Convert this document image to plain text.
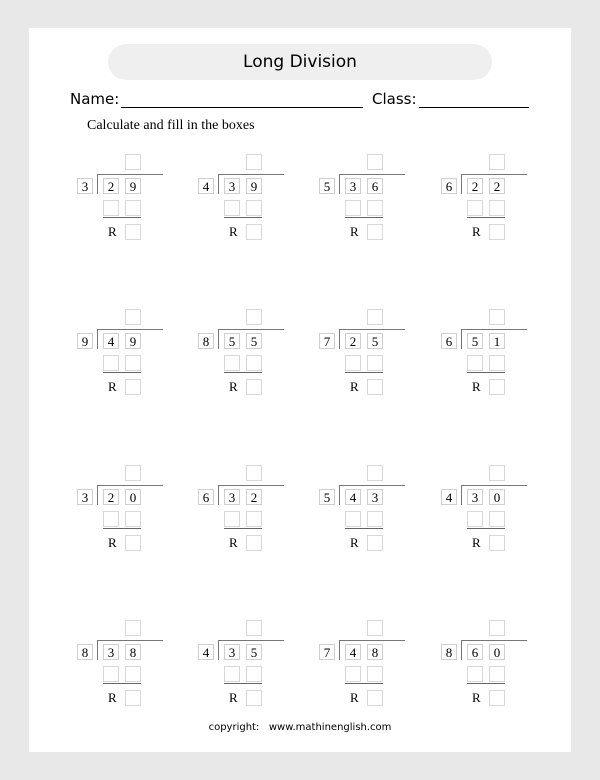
Long Division
Name:	Class:
Calculate and fill in the boxes
3	2	9
R
4	3	9
R
5	3	6
R
6	2	2
R
9	4	9
R
8	5	5
R
7	2	5
R
6	5	1
R
3	2	0
R
6	3	2
R
5	4	3
R
4	3	0
R
8	3	8
R
4	3	5
R
7	4	8
R
8	6	0
R
copyright:   www.mathinenglish.com
